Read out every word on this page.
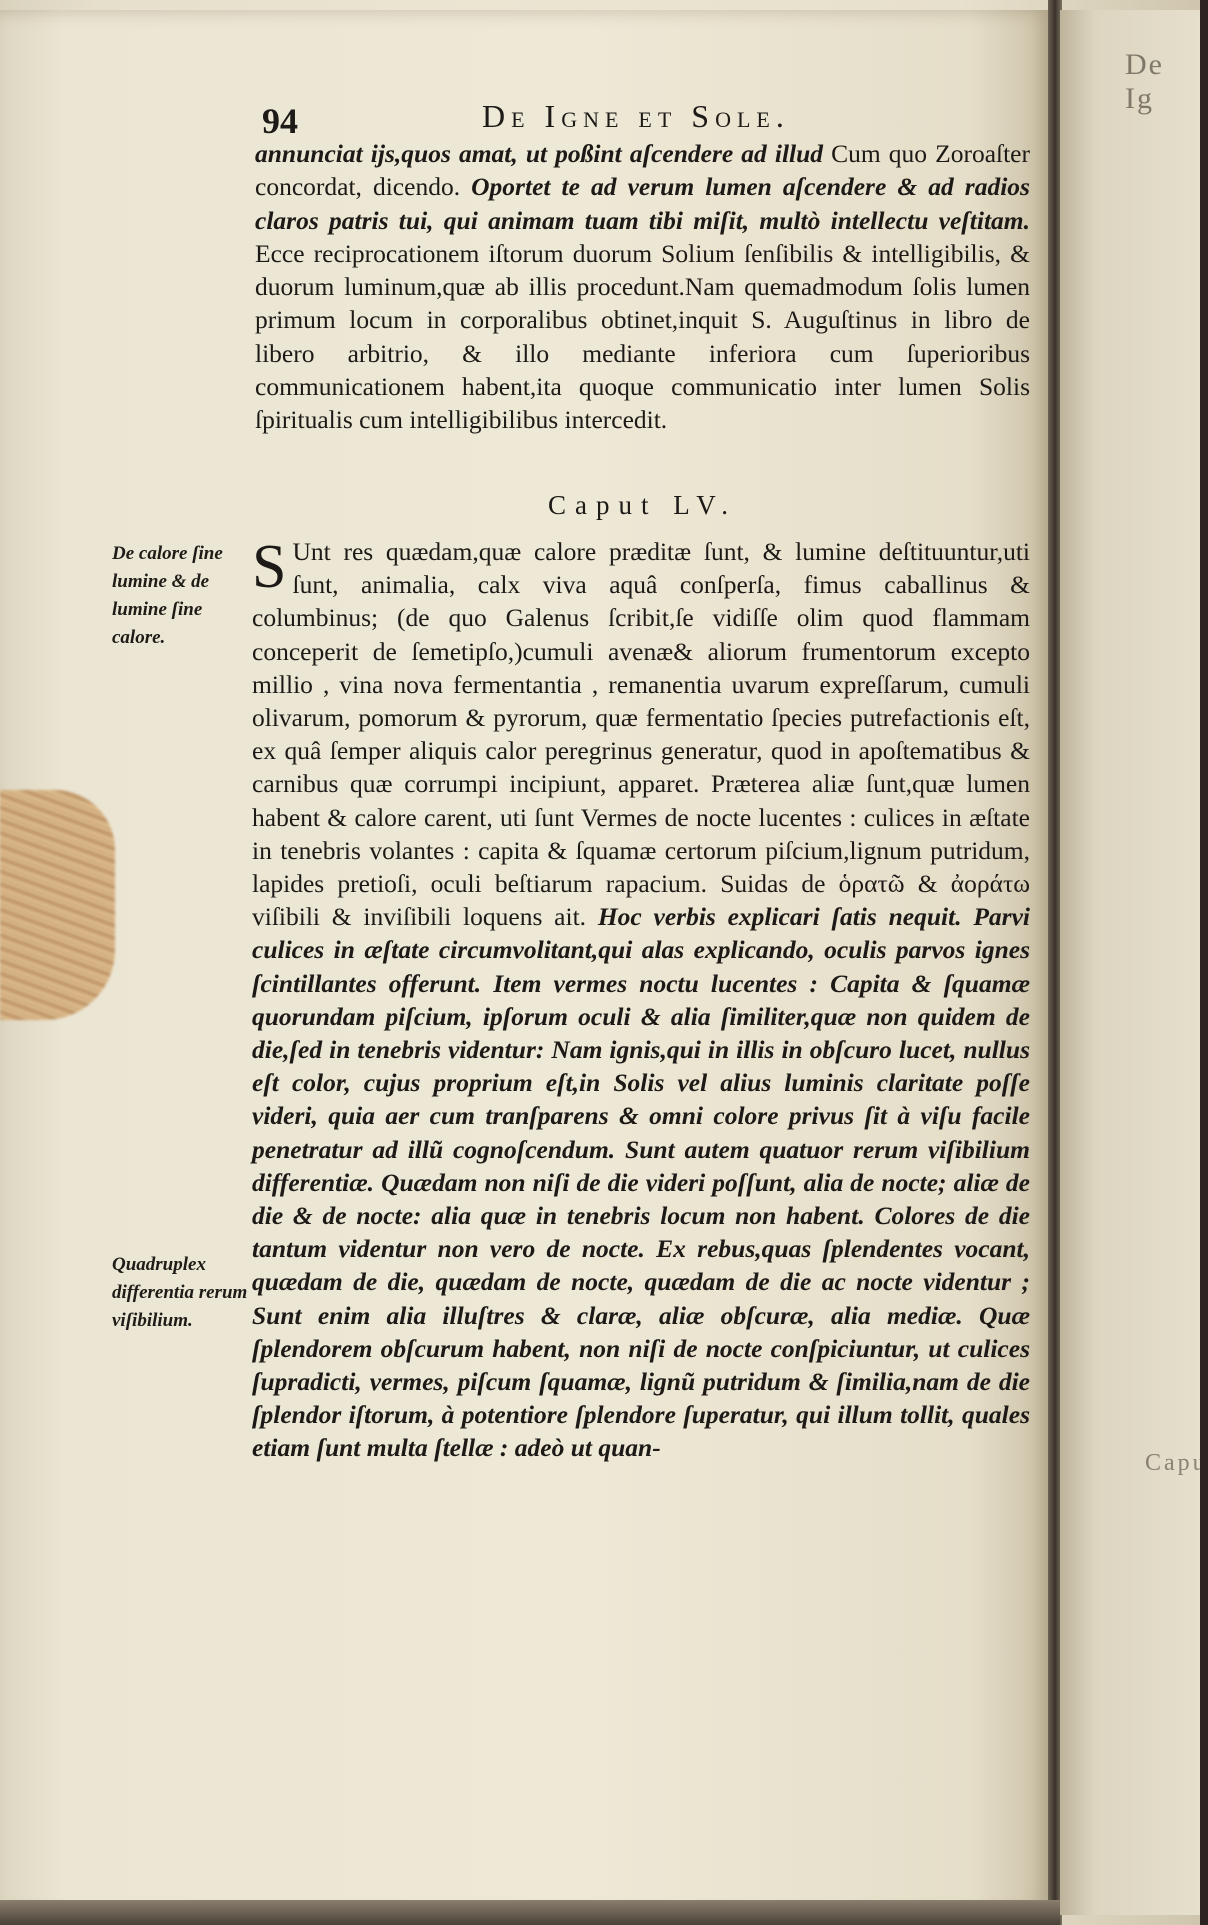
94	De Igne et Sole.

annunciat ijs,quos amat, ut poßint aſcendere ad illud Cum quo Zoroaſter concordat, dicendo. Oportet te ad verum lumen aſcendere & ad radios claros patris tui, qui animam tuam tibi miſit, multò intellectu veſtitam. Ecce reciprocationem iſtorum duorum Solium ſenſibilis & intelligibilis, & duorum luminum,quæ ab illis procedunt.Nam quemadmodum ſolis lumen primum locum in corporalibus obtinet,inquit S. Auguſtinus in libro de libero arbitrio, & illo mediante inferiora cum ſuperioribus communicationem habent,ita quoque communicatio inter lumen Solis ſpiritualis cum intelligibilibus intercedit.

Caput LV.
De calore ſine lumine & de lumine ſine calore.
Quadruplex differentia rerum viſibilium.

S Unt res quædam,quæ calore præditæ ſunt, & lumine deſtituuntur,uti ſunt, animalia, calx viva aquâ conſperſa, fimus caballinus & columbinus; (de quo Galenus ſcribit,ſe vidiſſe olim quod flammam conceperit de ſemetipſo,)cumuli avenæ& aliorum frumentorum excepto millio , vina nova fermentantia , remanentia uvarum expreſſarum, cumuli olivarum, pomorum & pyrorum, quæ fermentatio ſpecies putrefactionis eſt, ex quâ ſemper aliquis calor peregrinus generatur, quod in apoſtematibus & carnibus quæ corrumpi incipiunt, apparet. Præterea aliæ ſunt,quæ lumen habent & calore carent, uti ſunt Vermes de nocte lucentes : culices in æſtate in tenebris volantes : capita & ſquamæ certorum piſcium,lignum putridum, lapides pretioſi, oculi beſtiarum rapacium. Suidas de ὁρατῶ & ἀοράτω viſibili & inviſibili loquens ait. Hoc verbis explicari ſatis nequit. Parvi culices in æſtate circumvolitant,qui alas explicando, oculis parvos ignes ſcintillantes offerunt. Item vermes noctu lucentes : Capita & ſquamæ quorundam piſcium, ipſorum oculi & alia ſimiliter,quæ non quidem de die,ſed in tenebris videntur: Nam ignis,qui in illis in obſcuro lucet, nullus eſt color, cujus proprium eſt,in Solis vel alius luminis claritate poſſe videri, quia aer cum tranſparens & omni colore privus ſit à viſu facile penetratur ad illũ cognoſcendum. Sunt autem quatuor rerum viſibilium differentiæ. Quædam non niſi de die videri poſſunt, alia de nocte; aliæ de die & de nocte: alia quæ in tenebris locum non habent. Colores de die tantum videntur non vero de nocte. Ex rebus,quas ſplendentes vocant, quædam de die, quædam de nocte, quædam de die ac nocte videntur ; Sunt enim alia illuſtres & claræ, aliæ obſcuræ, alia mediæ. Quæ ſplendorem obſcurum habent, non niſi de nocte conſpiciuntur, ut culices ſupradicti, vermes, piſcum ſquamæ, lignũ putridum & ſimilia,nam de die ſplendor iſtorum, à potentiore ſplendore ſuperatur, qui illum tollit, quales etiam ſunt multa ſtellæ : adeò ut quan-

De Ig
Capu
